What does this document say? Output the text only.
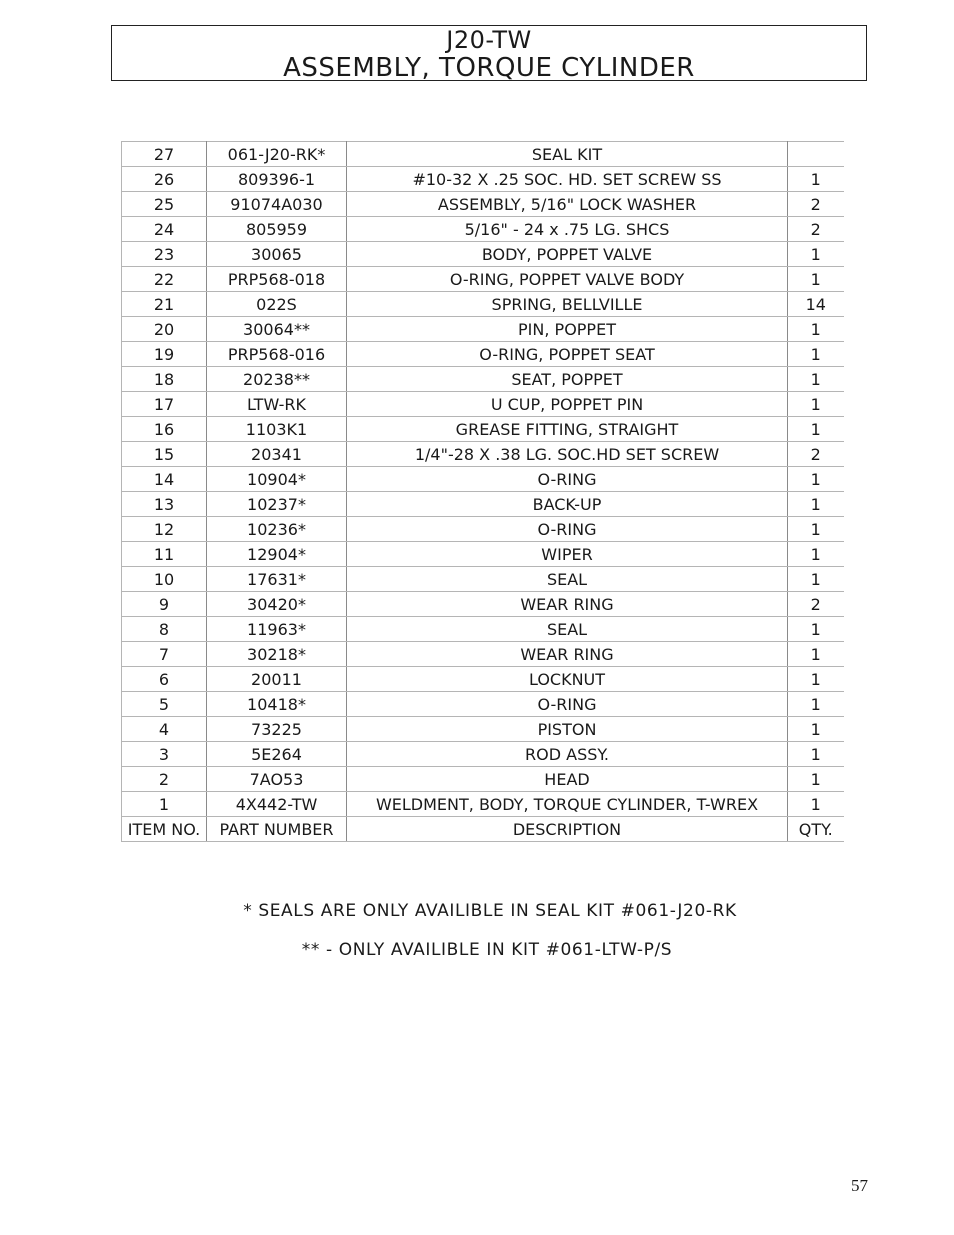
J20-TW
ASSEMBLY, TORQUE CYLINDER
27	061-J20-RK*	SEAL KIT	
26	809396-1	#10-32 X .25 SOC. HD. SET SCREW SS	1
25	91074A030	ASSEMBLY, 5/16" LOCK WASHER	2
24	805959	5/16" - 24 x .75 LG. SHCS	2
23	30065	BODY, POPPET VALVE	1
22	PRP568-018	O-RING, POPPET VALVE BODY	1
21	022S	SPRING, BELLVILLE	14
20	30064**	PIN, POPPET	1
19	PRP568-016	O-RING, POPPET SEAT	1
18	20238**	SEAT, POPPET	1
17	LTW-RK	U CUP, POPPET PIN	1
16	1103K1	GREASE FITTING, STRAIGHT	1
15	20341	1/4"-28 X .38 LG. SOC.HD SET SCREW	2
14	10904*	O-RING	1
13	10237*	BACK-UP	1
12	10236*	O-RING	1
11	12904*	WIPER	1
10	17631*	SEAL	1
9	30420*	WEAR RING	2
8	11963*	SEAL	1
7	30218*	WEAR RING	1
6	20011	LOCKNUT	1
5	10418*	O-RING	1
4	73225	PISTON	1
3	5E264	ROD ASSY.	1
2	7AO53	HEAD	1
1	4X442-TW	WELDMENT, BODY, TORQUE CYLINDER, T-WREX	1
ITEM NO.	PART NUMBER	DESCRIPTION	QTY.
* SEALS ARE ONLY AVAILIBLE IN SEAL KIT #061-J20-RK
** - ONLY AVAILIBLE IN KIT #061-LTW-P/S
57
